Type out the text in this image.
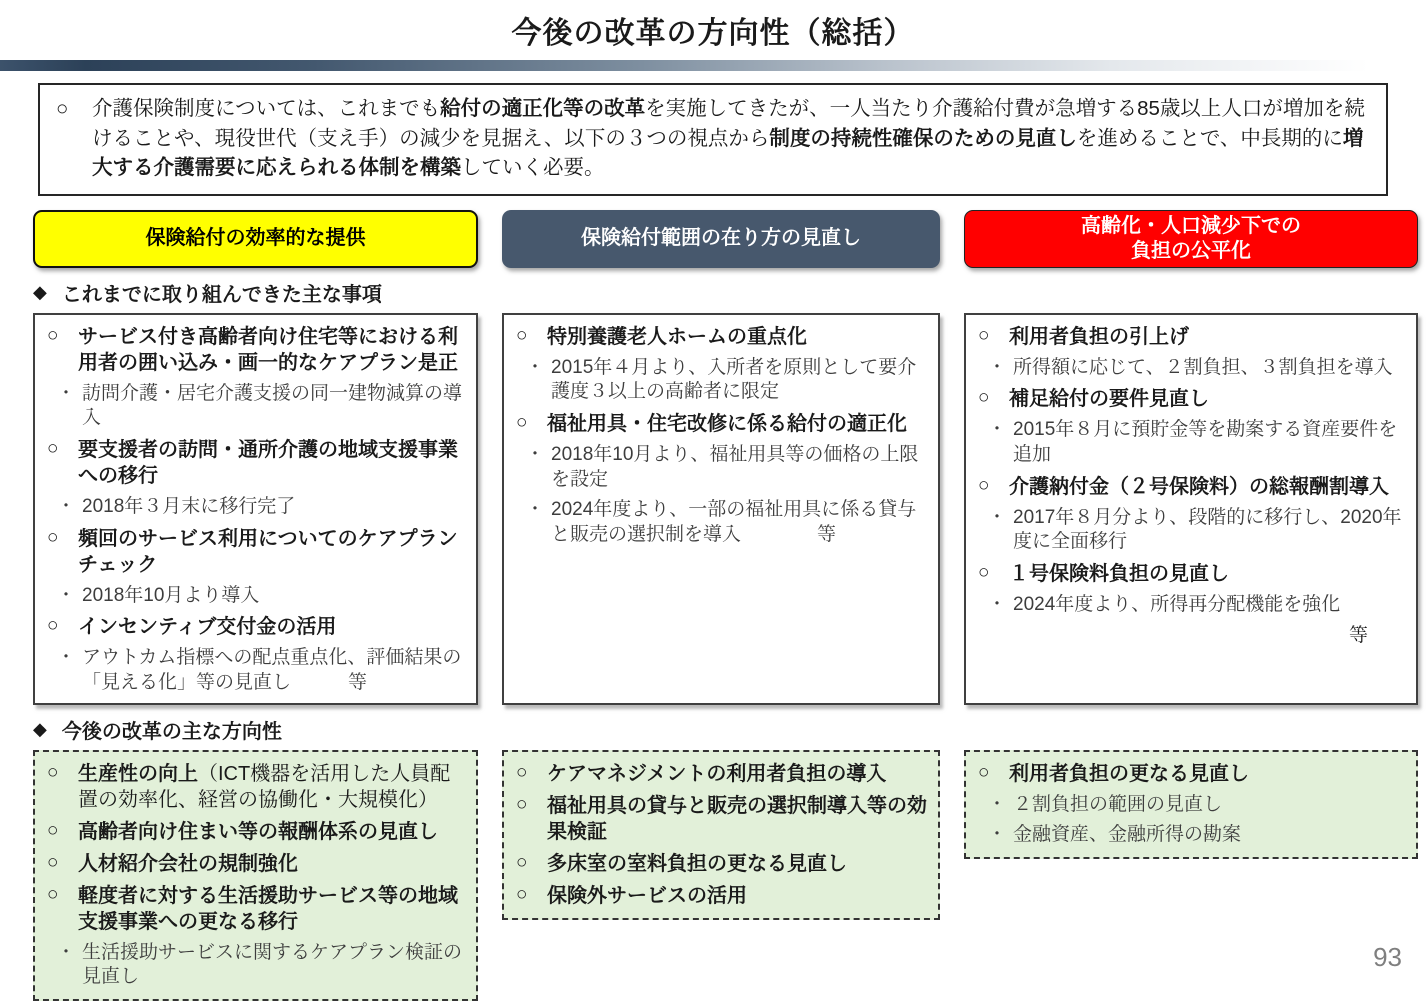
今後の改革の方向性（総括）
○	介護保険制度については、これまでも給付の適正化等の改革を実施してきたが、一人当たり介護給付費が急増する85歳以上人口が増加を続けることや、現役世代（支え手）の減少を見据え、以下の３つの視点から制度の持続性確保のための見直しを進めることで、中長期的に増大する介護需要に応えられる体制を構築していく必要。

保険給付の効率的な提供	保険給付範囲の在り方の見直し
高齢化・人口減少下での
負担の公平化
◆ これまでに取り組んできた主な事項
○ サービス付き高齢者向け住宅等における利用者の囲い込み・画一的なケアプラン是正
・ 訪問介護・居宅介護支援の同一建物減算の導入
○ 要支援者の訪問・通所介護の地域支援事業への移行
・ 2018年３月末に移行完了
○ 頻回のサービス利用についてのケアプランチェック
・ 2018年10月より導入
○ インセンティブ交付金の活用
・ アウトカム指標への配点重点化、評価結果の「見える化」等の見直し　　　等
○ 特別養護老人ホームの重点化
・ 2015年４月より、入所者を原則として要介護度３以上の高齢者に限定
○ 福祉用具・住宅改修に係る給付の適正化
・ 2018年10月より、福祉用具等の価格の上限を設定
・ 2024年度より、一部の福祉用具に係る貸与と販売の選択制を導入　　　　等
○ 利用者負担の引上げ
・ 所得額に応じて、２割負担、３割負担を導入
○ 補足給付の要件見直し
・ 2015年８月に預貯金等を勘案する資産要件を追加
○ 介護納付金（２号保険料）の総報酬割導入
・ 2017年８月分より、段階的に移行し、2020年度に全面移行
○ １号保険料負担の見直し
・ 2024年度より、所得再分配機能を強化
等
◆ 今後の改革の主な方向性
○ 生産性の向上（ICT機器を活用した人員配置の効率化、経営の協働化・大規模化）
○ 高齢者向け住まい等の報酬体系の見直し
○ 人材紹介会社の規制強化
○ 軽度者に対する生活援助サービス等の地域支援事業への更なる移行
・ 生活援助サービスに関するケアプラン検証の見直し
○ ケアマネジメントの利用者負担の導入
○ 福祉用具の貸与と販売の選択制導入等の効果検証
○ 多床室の室料負担の更なる見直し
○ 保険外サービスの活用
○ 利用者負担の更なる見直し
・ ２割負担の範囲の見直し
・ 金融資産、金融所得の勘案
93
